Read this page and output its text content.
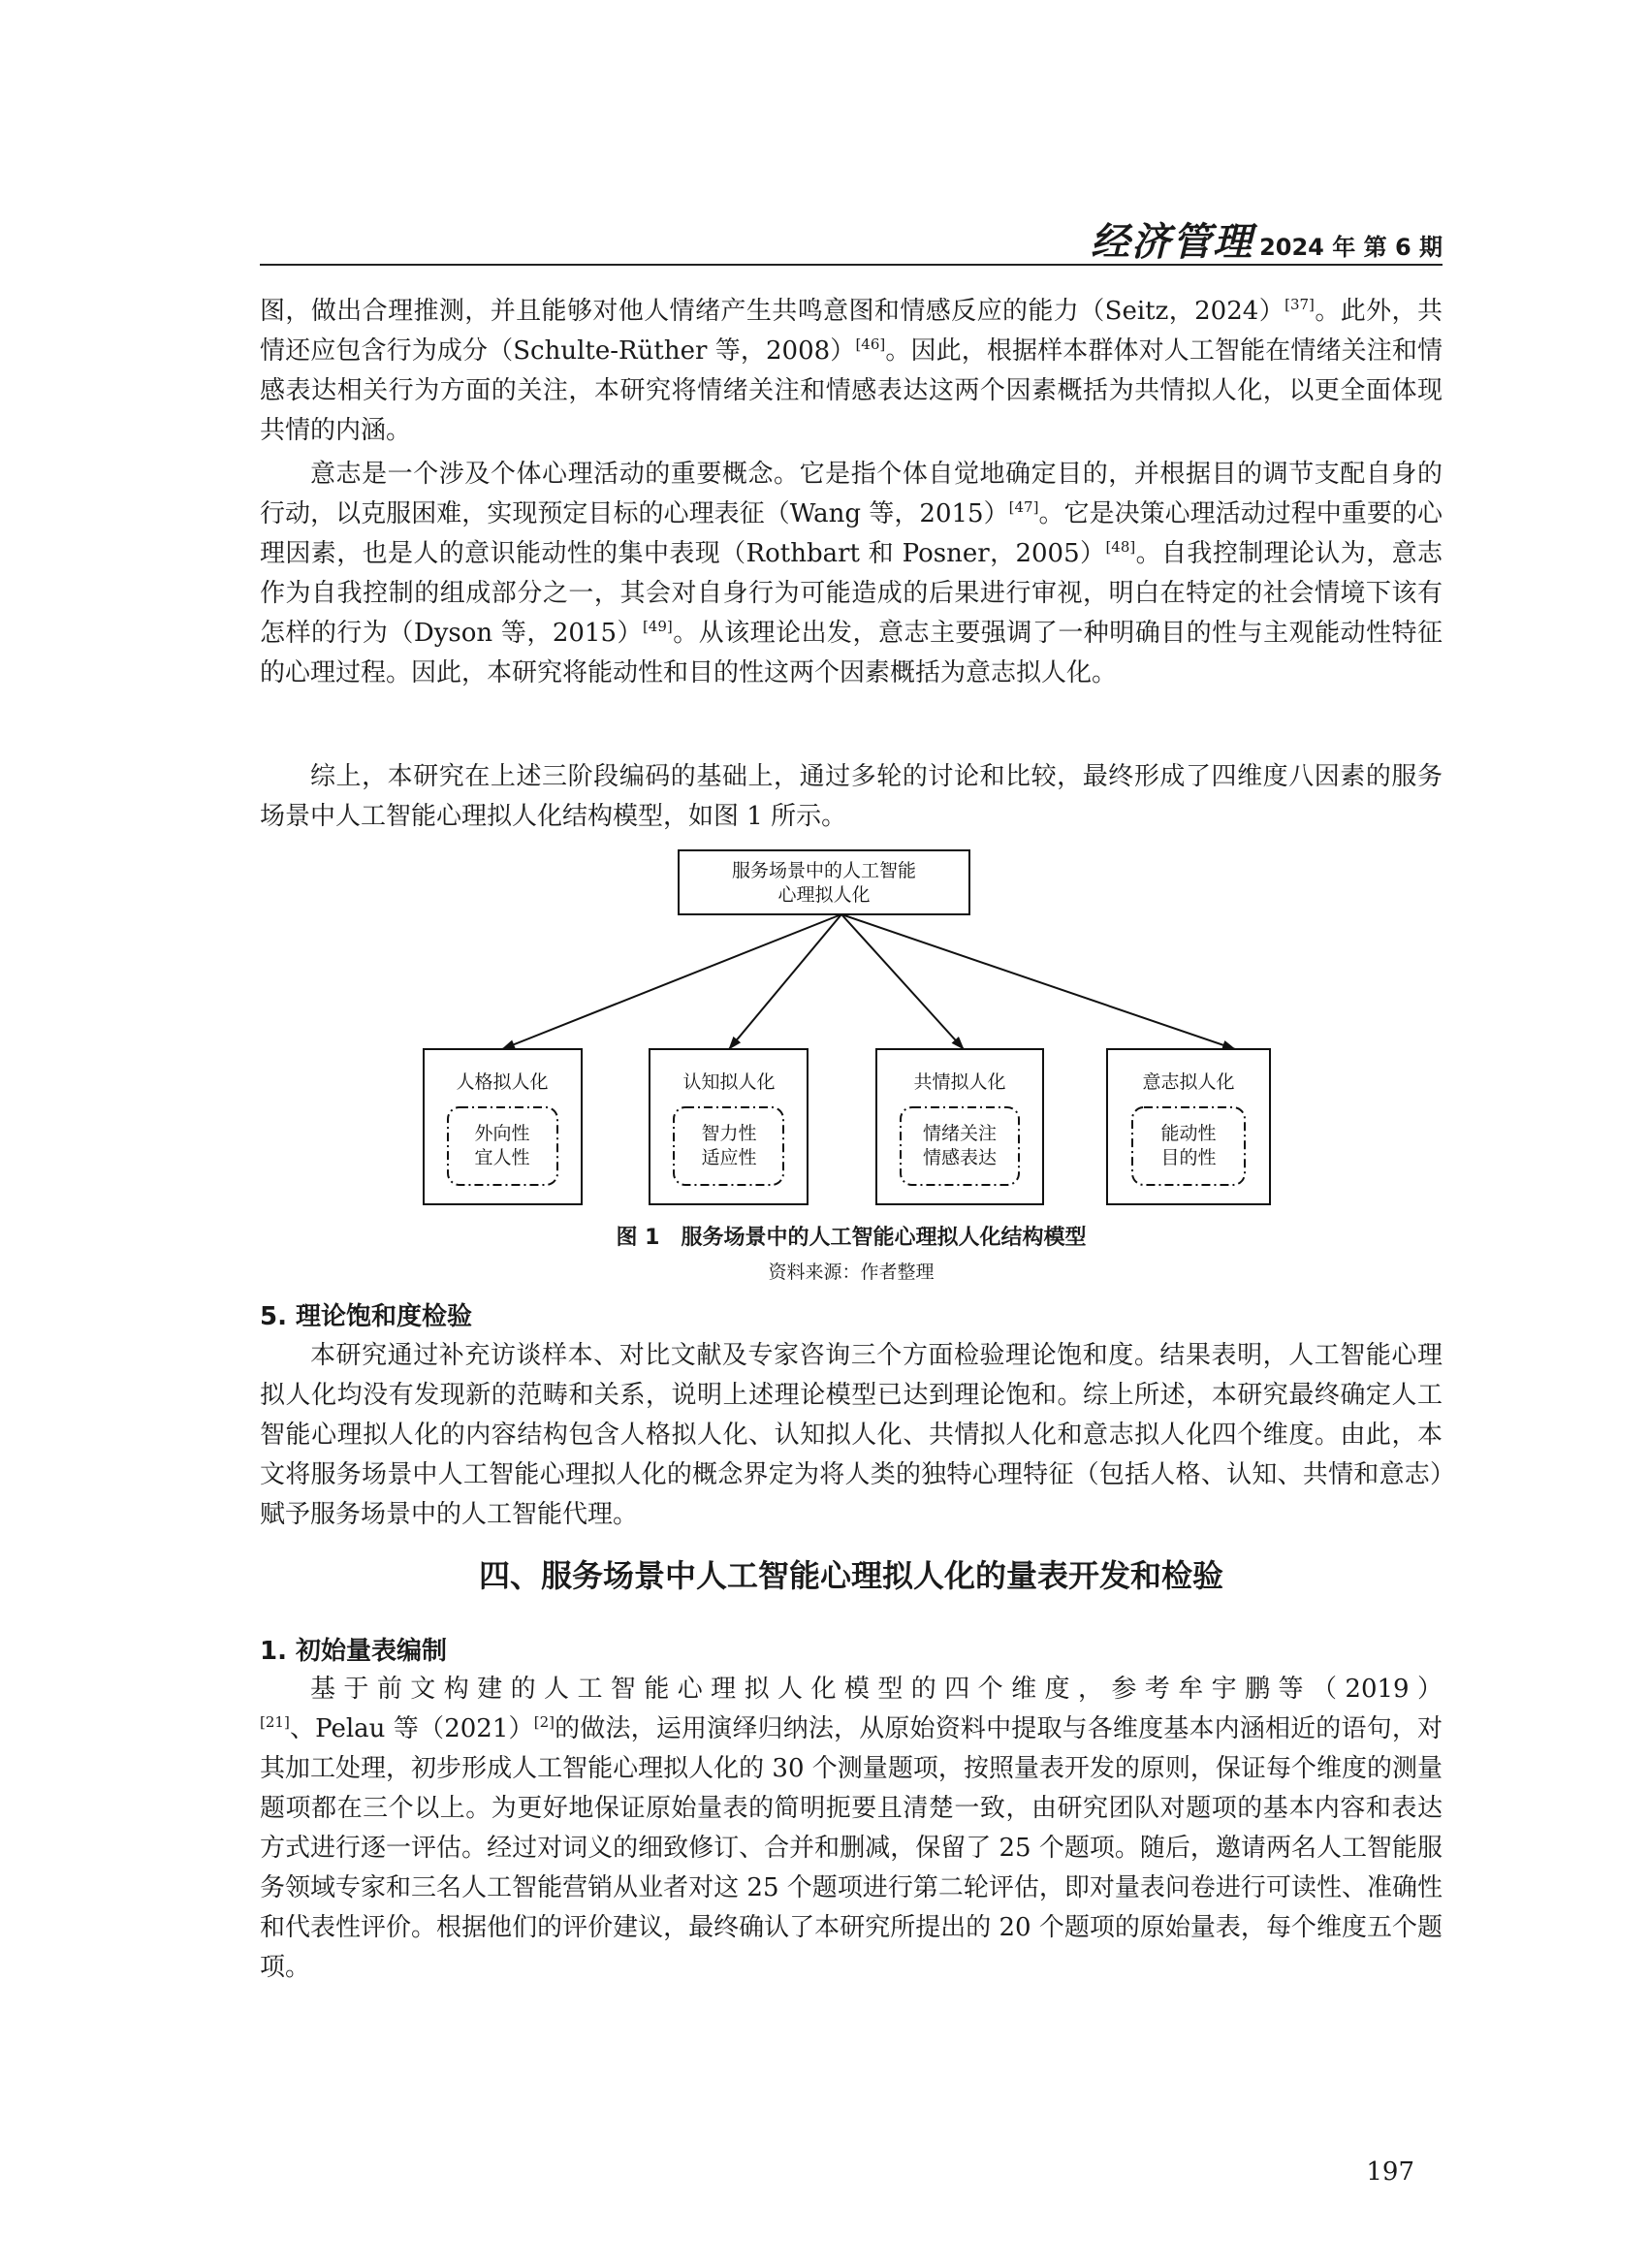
经济管理 2024 年 第 6 期

图，做出合理推测，并且能够对他人情绪产生共鸣意图和情感反应的能力（Seitz，2024）[37]。此外，共情还应包含行为成分（Schulte-Rüther 等，2008）[46]。因此，根据样本群体对人工智能在情绪关注和情感表达相关行为方面的关注，本研究将情绪关注和情感表达这两个因素概括为共情拟人化，以更全面体现共情的内涵。

意志是一个涉及个体心理活动的重要概念。它是指个体自觉地确定目的，并根据目的调节支配自身的行动，以克服困难，实现预定目标的心理表征（Wang 等，2015）[47]。它是决策心理活动过程中重要的心理因素，也是人的意识能动性的集中表现（Rothbart 和 Posner，2005）[48]。自我控制理论认为，意志作为自我控制的组成部分之一，其会对自身行为可能造成的后果进行审视，明白在特定的社会情境下该有怎样的行为（Dyson 等，2015）[49]。从该理论出发，意志主要强调了一种明确目的性与主观能动性特征的心理过程。因此，本研究将能动性和目的性这两个因素概括为意志拟人化。

综上，本研究在上述三阶段编码的基础上，通过多轮的讨论和比较，最终形成了四维度八因素的服务场景中人工智能心理拟人化结构模型，如图 1 所示。

服务场景中的人工智能
心理拟人化
人格拟人化
外向性
宜人性
认知拟人化
智力性
适应性
共情拟人化
情绪关注
情感表达
意志拟人化
能动性
目的性
图 1 服务场景中的人工智能心理拟人化结构模型
资料来源：作者整理
5. 理论饱和度检验

本研究通过补充访谈样本、对比文献及专家咨询三个方面检验理论饱和度。结果表明，人工智能心理拟人化均没有发现新的范畴和关系，说明上述理论模型已达到理论饱和。综上所述，本研究最终确定人工智能心理拟人化的内容结构包含人格拟人化、认知拟人化、共情拟人化和意志拟人化四个维度。由此，本文将服务场景中人工智能心理拟人化的概念界定为将人类的独特心理特征（包括人格、认知、共情和意志）赋予服务场景中的人工智能代理。

四、服务场景中人工智能心理拟人化的量表开发和检验
1. 初始量表编制

基于前文构建的人工智能心理拟人化模型的四个维度，参考牟宇鹏等（2019）[21]、Pelau 等（2021）[2]的做法，运用演绎归纳法，从原始资料中提取与各维度基本内涵相近的语句，对其加工处理，初步形成人工智能心理拟人化的 30 个测量题项，按照量表开发的原则，保证每个维度的测量题项都在三个以上。为更好地保证原始量表的简明扼要且清楚一致，由研究团队对题项的基本内容和表达方式进行逐一评估。经过对词义的细致修订、合并和删减，保留了 25 个题项。随后，邀请两名人工智能服务领域专家和三名人工智能营销从业者对这 25 个题项进行第二轮评估，即对量表问卷进行可读性、准确性和代表性评价。根据他们的评价建议，最终确认了本研究所提出的 20 个题项的原始量表，每个维度五个题项。

197
